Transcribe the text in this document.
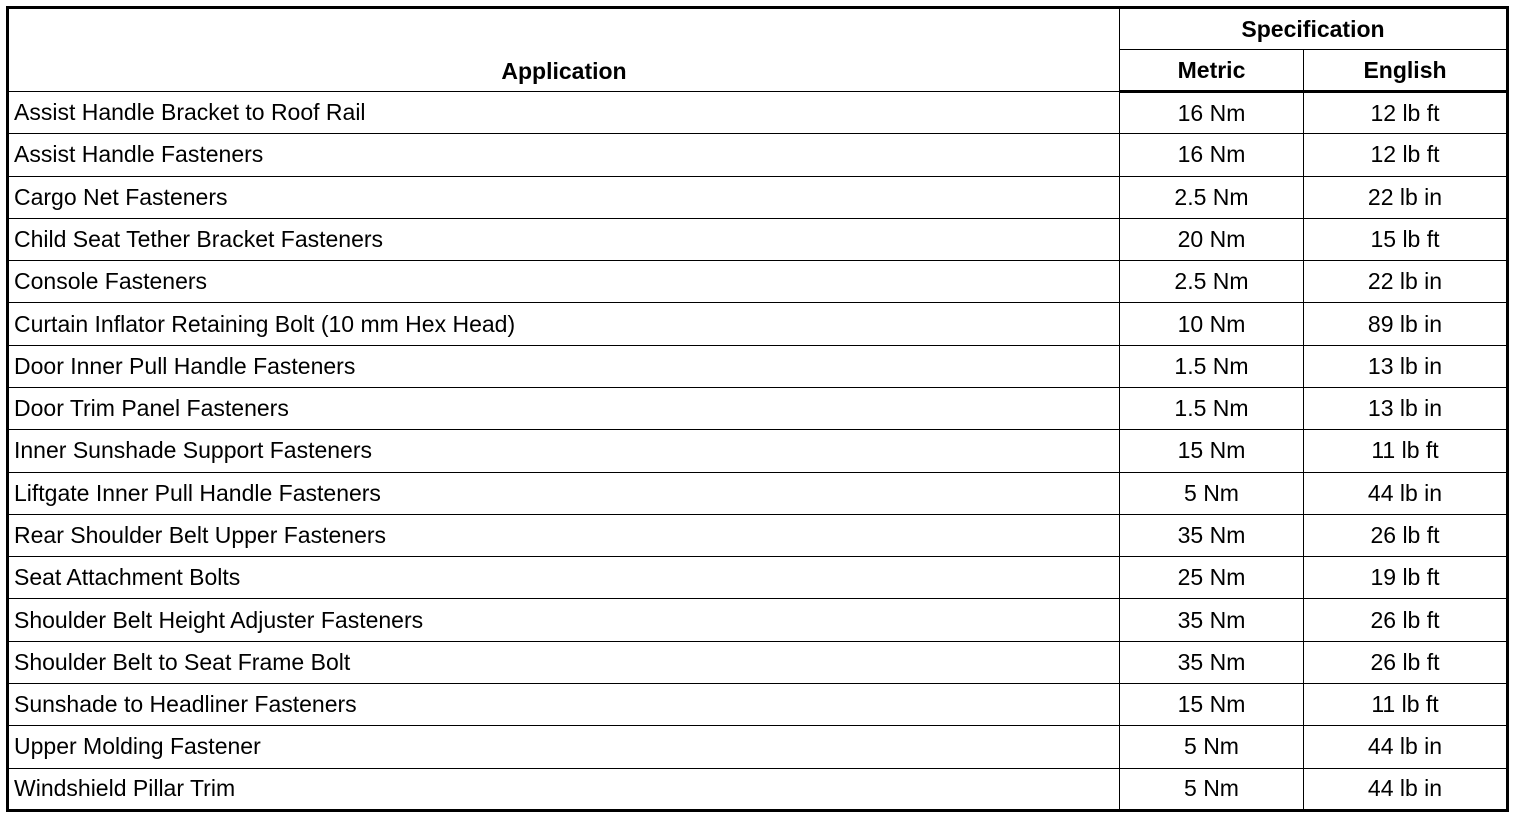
Application	Specification	
	Metric	English
Assist Handle Bracket to Roof Rail	16 Nm	12 lb ft
Assist Handle Fasteners	16 Nm	12 lb ft
Cargo Net Fasteners	2.5 Nm	22 lb in
Child Seat Tether Bracket Fasteners	20 Nm	15 lb ft
Console Fasteners	2.5 Nm	22 lb in
Curtain Inflator Retaining Bolt (10 mm Hex Head)	10 Nm	89 lb in
Door Inner Pull Handle Fasteners	1.5 Nm	13 lb in
Door Trim Panel Fasteners	1.5 Nm	13 lb in
Inner Sunshade Support Fasteners	15 Nm	11 lb ft
Liftgate Inner Pull Handle Fasteners	5 Nm	44 lb in
Rear Shoulder Belt Upper Fasteners	35 Nm	26 lb ft
Seat Attachment Bolts	25 Nm	19 lb ft
Shoulder Belt Height Adjuster Fasteners	35 Nm	26 lb ft
Shoulder Belt to Seat Frame Bolt	35 Nm	26 lb ft
Sunshade to Headliner Fasteners	15 Nm	11 lb ft
Upper Molding Fastener	5 Nm	44 lb in
Windshield Pillar Trim	5 Nm	44 lb in
